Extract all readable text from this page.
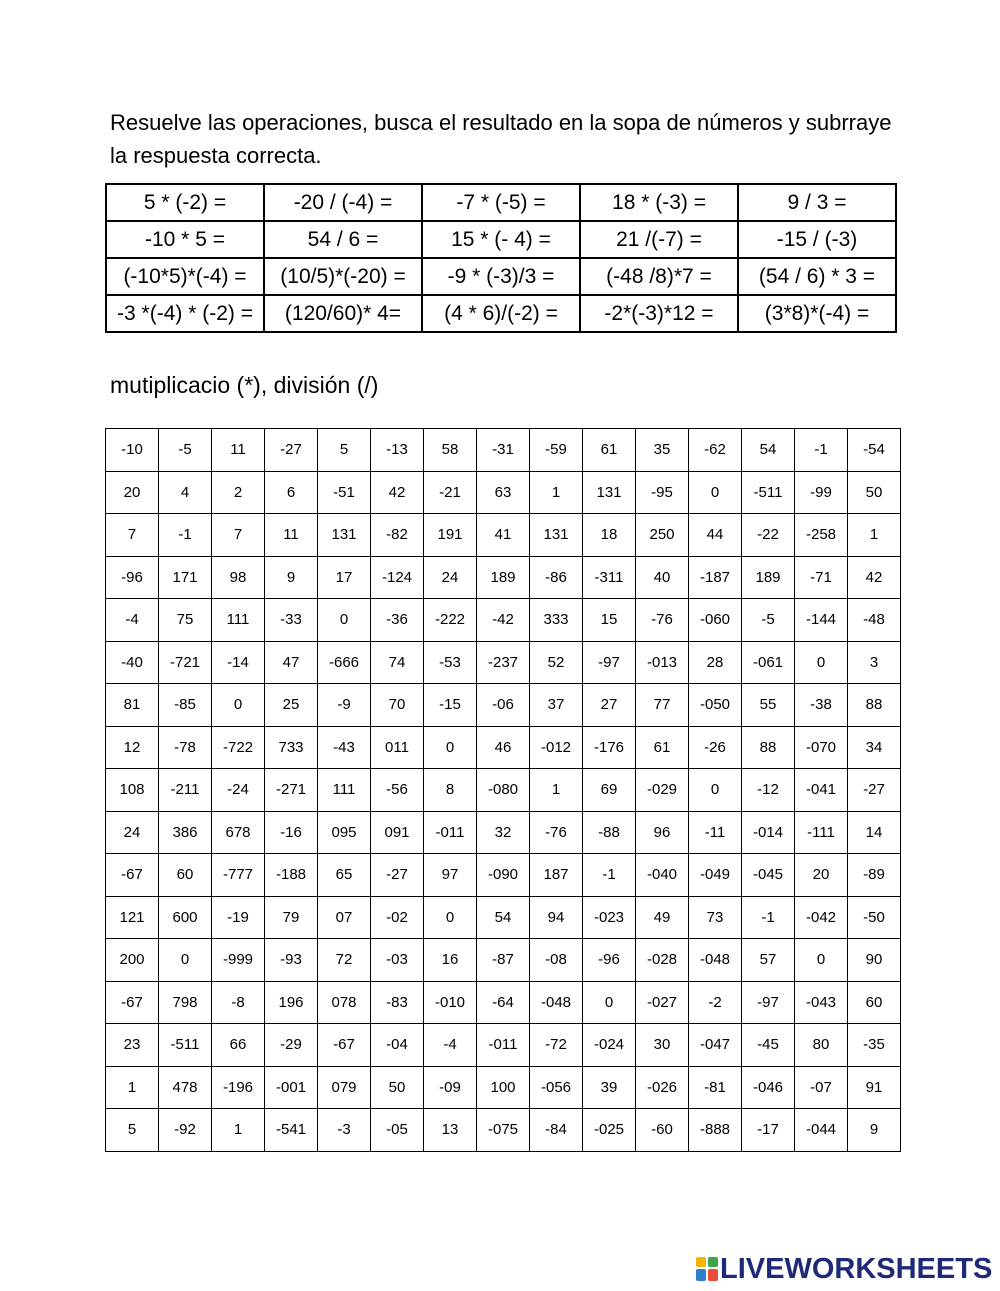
Resuelve las operaciones, busca el resultado en la sopa de números y subrraye la respuesta correcta.
5 * (-2) =	-20 / (-4) =	-7 * (-5) =	18 * (-3) =	9 / 3 =
-10 * 5 =	54 / 6 =	15 * (- 4) =	21 /(-7) =	-15 / (-3)
(-10*5)*(-4) =	(10/5)*(-20) =	-9 * (-3)/3 =	(-48 /8)*7 =	(54 / 6) * 3 =
-3 *(-4) * (-2) =	(120/60)* 4=	(4 * 6)/(-2) =	-2*(-3)*12 =	(3*8)*(-4) =
mutiplicacio (*), división (/)
-10	-5	11	-27	5	-13	58	-31	-59	61	35	-62	54	-1	-54
20	4	2	6	-51	42	-21	63	1	131	-95	0	-511	-99	50
7	-1	7	11	131	-82	191	41	131	18	250	44	-22	-258	1
-96	171	98	9	17	-124	24	189	-86	-311	40	-187	189	-71	42
-4	75	111	-33	0	-36	-222	-42	333	15	-76	-060	-5	-144	-48
-40	-721	-14	47	-666	74	-53	-237	52	-97	-013	28	-061	0	3
81	-85	0	25	-9	70	-15	-06	37	27	77	-050	55	-38	88
12	-78	-722	733	-43	011	0	46	-012	-176	61	-26	88	-070	34
108	-211	-24	-271	111	-56	8	-080	1	69	-029	0	-12	-041	-27
24	386	678	-16	095	091	-011	32	-76	-88	96	-11	-014	-111	14
-67	60	-777	-188	65	-27	97	-090	187	-1	-040	-049	-045	20	-89
121	600	-19	79	07	-02	0	54	94	-023	49	73	-1	-042	-50
200	0	-999	-93	72	-03	16	-87	-08	-96	-028	-048	57	0	90
-67	798	-8	196	078	-83	-010	-64	-048	0	-027	-2	-97	-043	60
23	-511	66	-29	-67	-04	-4	-011	-72	-024	30	-047	-45	80	-35
1	478	-196	-001	079	50	-09	100	-056	39	-026	-81	-046	-07	91
5	-92	1	-541	-3	-05	13	-075	-84	-025	-60	-888	-17	-044	9
LIVEWORKSHEETS
